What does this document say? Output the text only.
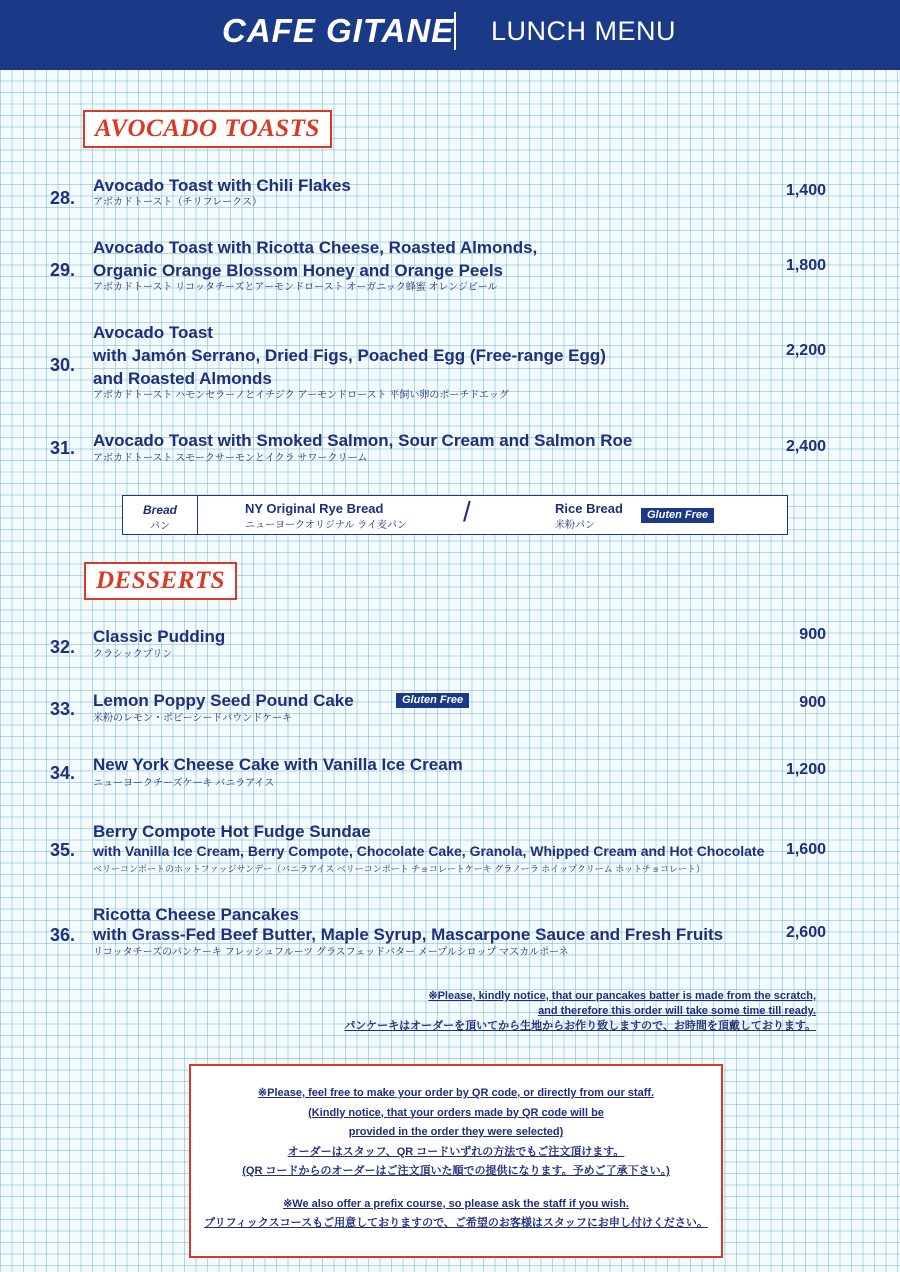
CAFE GITANE LUNCH MENU
AVOCADO TOASTS
28.
Avocado Toast with Chili Flakes
アボカドトースト（チリフレークス）
1,400
29.
Avocado Toast with Ricotta Cheese, Roasted Almonds,
Organic Orange Blossom Honey and Orange Peels
アボカドトースト リコッタチーズとアーモンドロースト オーガニック蜂蜜 オレンジピール
1,800
30.
Avocado Toast
with Jamón Serrano, Dried Figs, Poached Egg (Free-range Egg)
and Roasted Almonds
アボカドトースト ハモンセラーノとイチジク アーモンドロースト 平飼い卵のポーチドエッグ
2,200
31. Avocado Toast with Smoked Salmon, Sour Cream and Salmon Roe
アボカドトースト スモークサーモンとイクラ サワークリーム
2,400
Bread
パン
NY Original Rye Bread
ニューヨークオリジナル ライ麦パン /	Rice Bread
米粉パン
Gluten Free
DESSERTS
32.
Classic Pudding
クラシックプリン
900
33. Lemon Poppy Seed Pound Cake	Gluten Free
米粉のレモン・ポピーシードパウンドケーキ
900
34. New York Cheese Cake with Vanilla Ice Cream
ニューヨークチーズケーキ バニラアイス
1,200
35.
Berry Compote Hot Fudge Sundae
with Vanilla Ice Cream, Berry Compote, Chocolate Cake, Granola, Whipped Cream and Hot Chocolate
ベリーコンポートのホットファッジサンデー（バニラアイス ベリーコンポート チョコレートケーキ グラノーラ ホイップクリーム ホットチョコレート）
1,600
36.
Ricotta Cheese Pancakes
with Grass-Fed Beef Butter, Maple Syrup, Mascarpone Sauce and Fresh Fruits
リコッタチーズのパンケーキ フレッシュフルーツ グラスフェッドバター メープルシロップ マスカルポーネ
2,600
※Please, kindly notice, that our pancakes batter is made from the scratch,
and therefore this order will take some time till ready.
パンケーキはオーダーを頂いてから生地からお作り致しますので、お時間を頂戴しております。
※Please, feel free to make your order by QR code, or directly from our staff.
(Kindly notice, that your orders made by QR code will be
provided in the order they were selected)
オーダーはスタッフ、QR コードいずれの方法でもご注文頂けます。
(QR コードからのオーダーはご注文頂いた順での提供になります。予めご了承下さい。)
※We also offer a prefix course, so please ask the staff if you wish.
プリフィックスコースもご用意しておりますので、ご希望のお客様はスタッフにお申し付けください。
